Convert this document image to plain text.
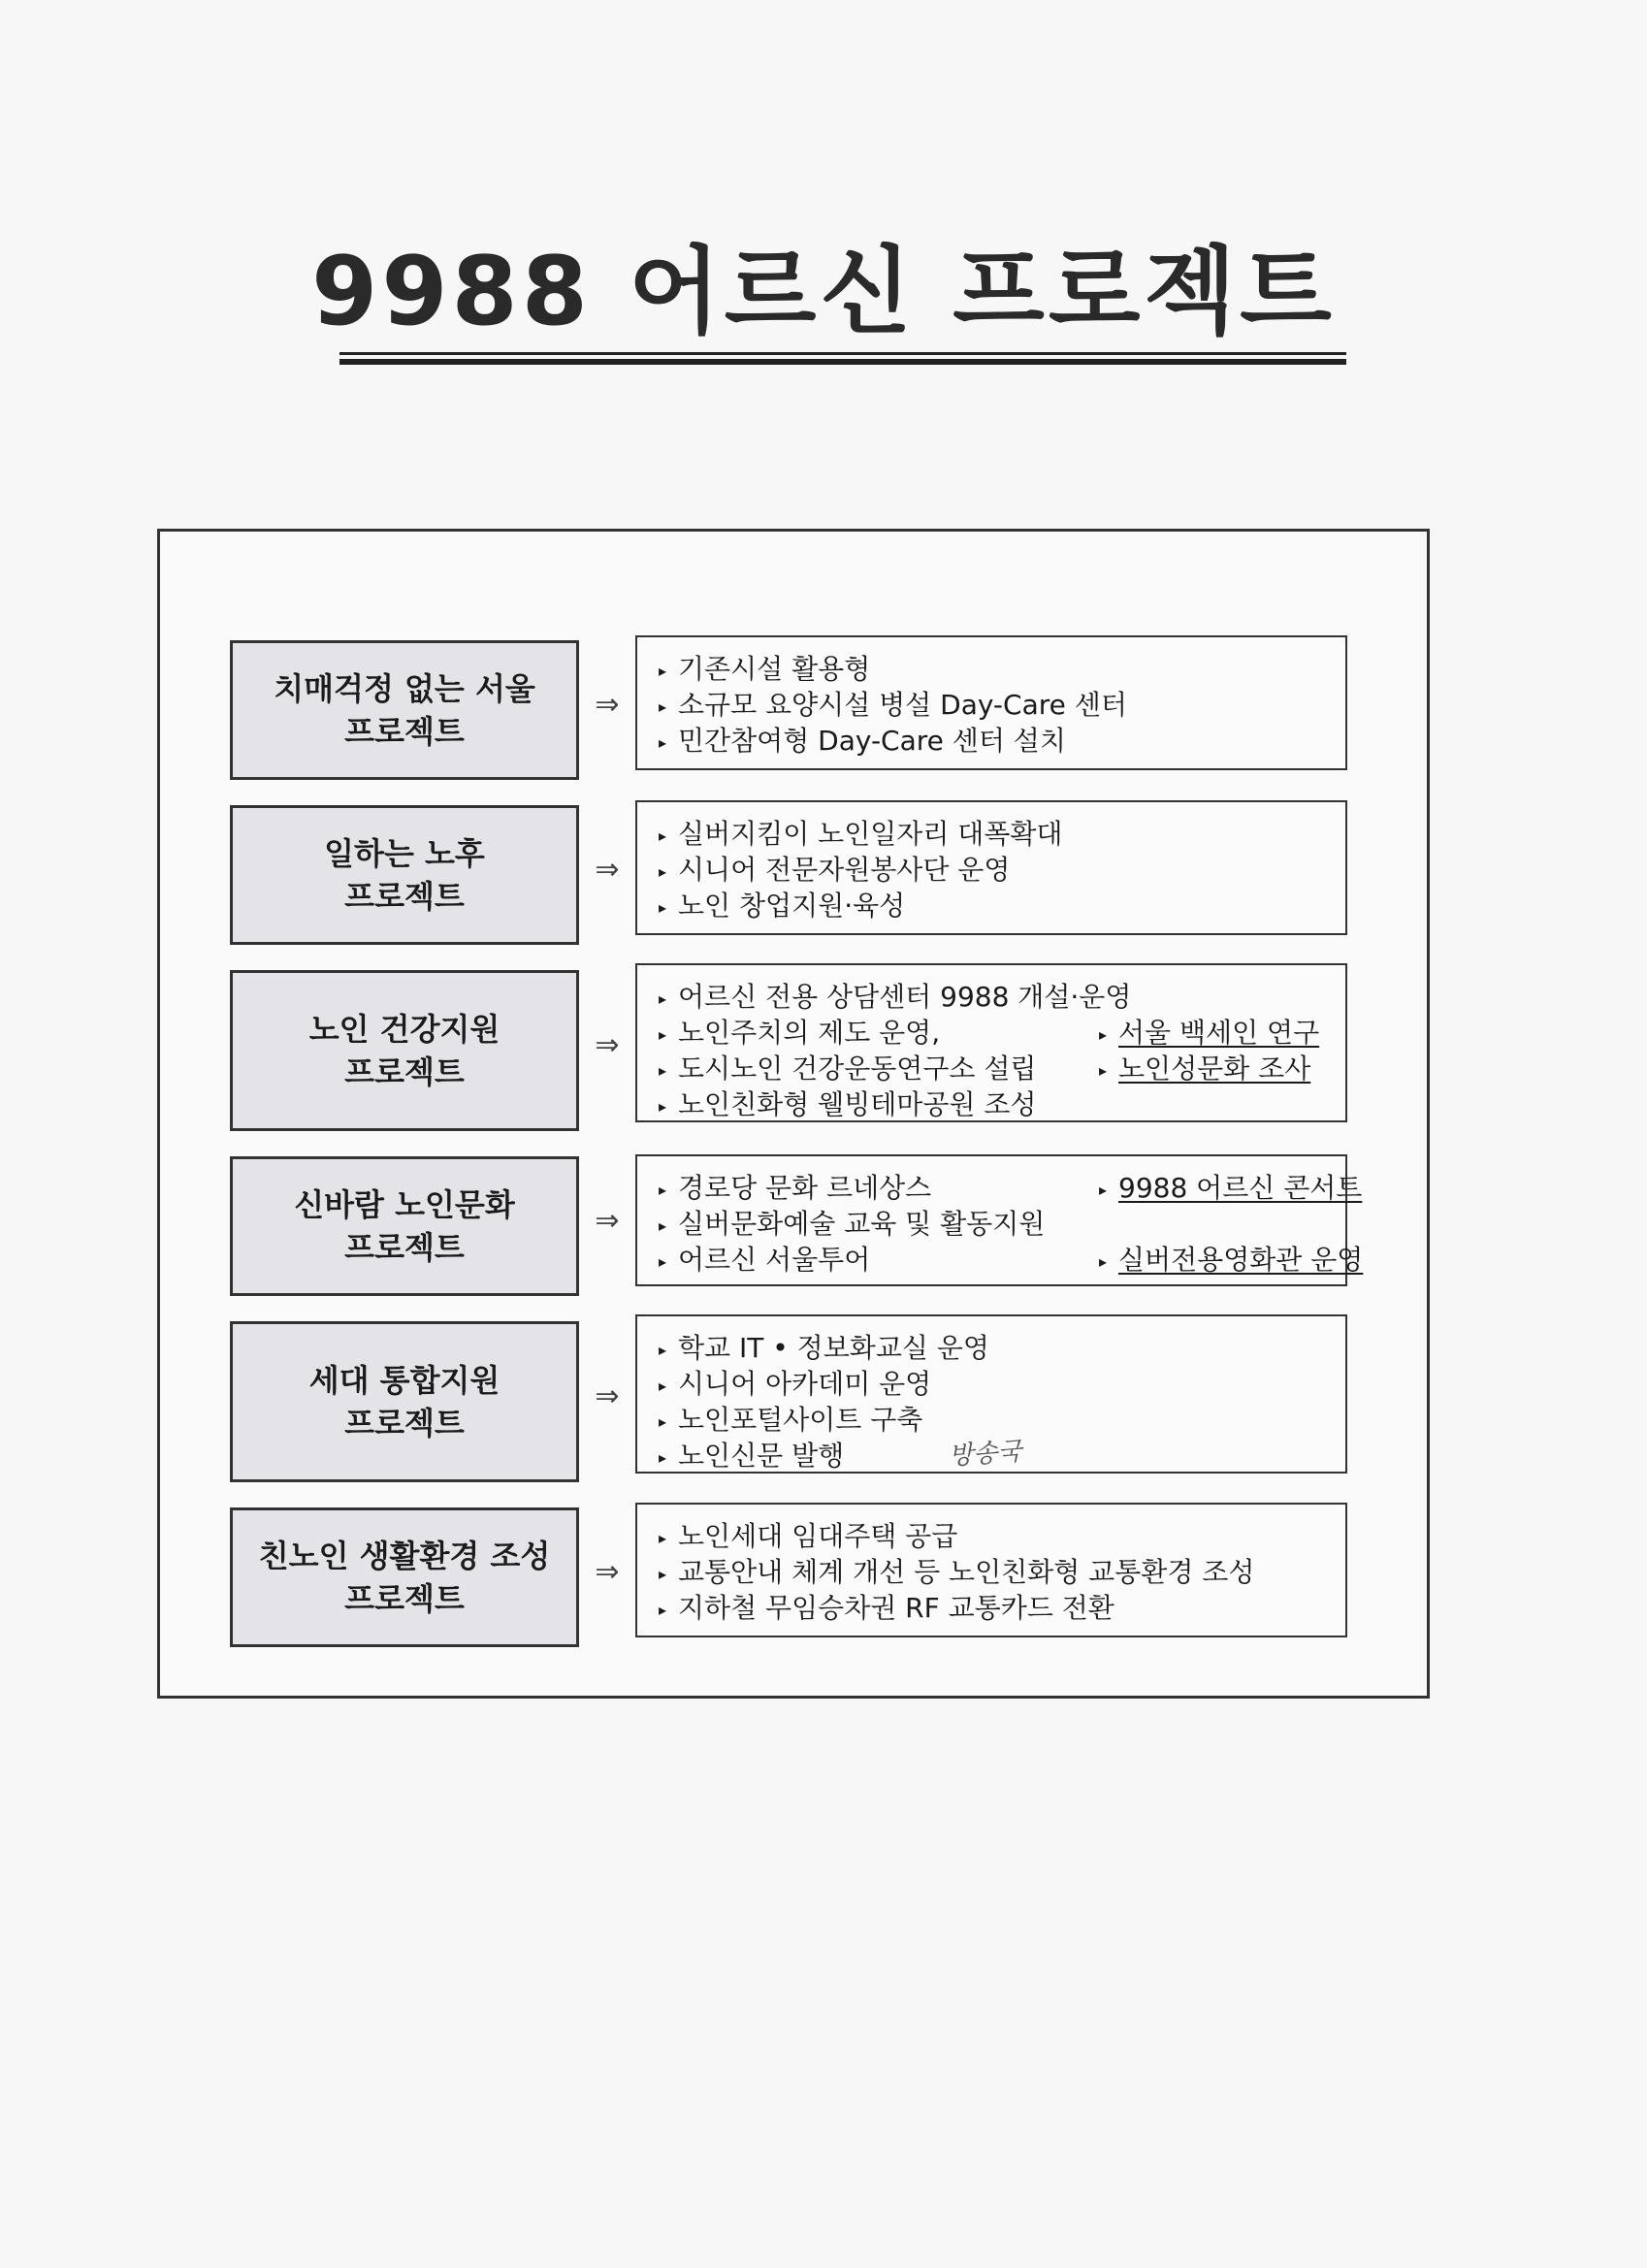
9988 어르신 프로젝트
치매걱정 없는 서울
프로젝트
⇒
▸ 기존시설 활용형
▸ 소규모 요양시설 병설 Day-Care 센터
▸ 민간참여형 Day-Care 센터 설치
일하는 노후
프로젝트
⇒
▸ 실버지킴이 노인일자리 대폭확대
▸ 시니어 전문자원봉사단 운영
▸ 노인 창업지원·육성
노인 건강지원
프로젝트
⇒
▸ 어르신 전용 상담센터 9988 개설·운영
▸ 노인주치의 제도 운영,	▸ 서울 백세인 연구
▸ 도시노인 건강운동연구소 설립	▸ 노인성문화 조사
▸ 노인친화형 웰빙테마공원 조성
신바람 노인문화
프로젝트
⇒
▸ 경로당 문화 르네상스	▸ 9988 어르신 콘서트
▸ 실버문화예술 교육 및 활동지원
▸ 어르신 서울투어	▸ 실버전용영화관 운영
세대 통합지원
프로젝트
⇒
▸ 학교 IT • 정보화교실 운영
▸ 시니어 아카데미 운영
▸ 노인포털사이트 구축
▸ 노인신문 발행
친노인 생활환경 조성
프로젝트
⇒
▸ 노인세대 임대주택 공급
▸ 교통안내 체계 개선 등 노인친화형 교통환경 조성
▸ 지하철 무임승차권 RF 교통카드 전환
방송국
